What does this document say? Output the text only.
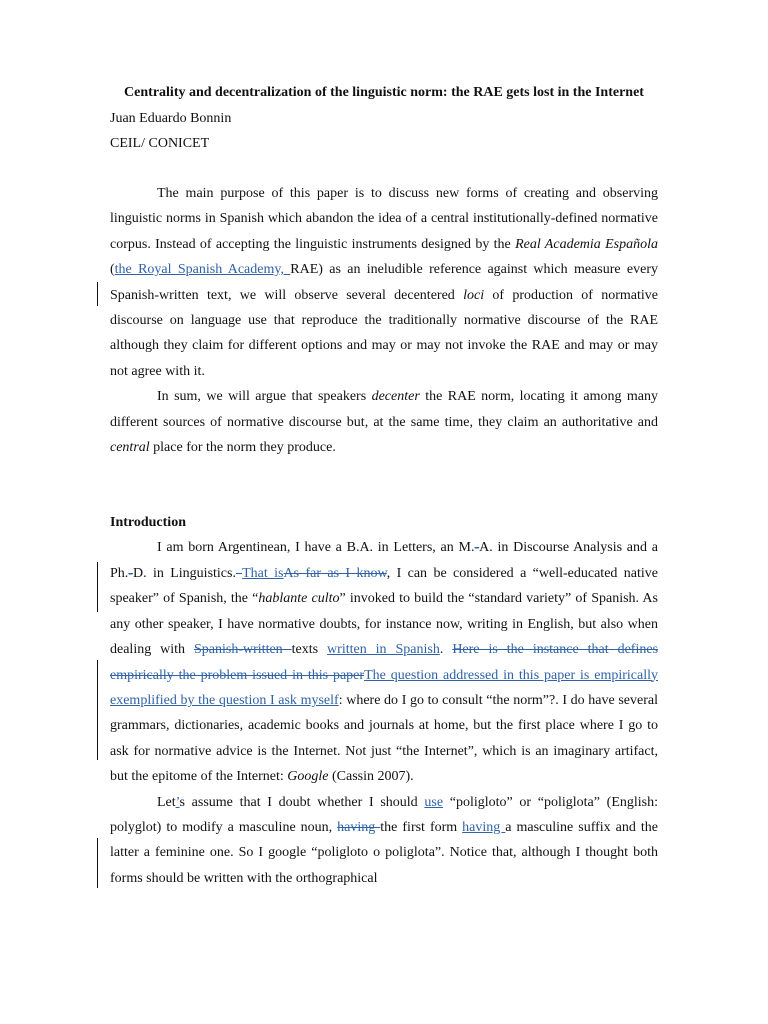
Centrality and decentralization of the linguistic norm: the RAE gets lost in the Internet

Juan Eduardo Bonnin

CEIL/ CONICET

The main purpose of this paper is to discuss new forms of creating and observing linguistic norms in Spanish which abandon the idea of a central institutionally-defined normative corpus. Instead of accepting the linguistic instruments designed by the Real Academia Española (the Royal Spanish Academy, RAE) as an ineludible reference against which measure every Spanish-written text, we will observe several decentered loci of production of normative discourse on language use that reproduce the traditionally normative discourse of the RAE although they claim for different options and may or may not invoke the RAE and may or may not agree with it.

In sum, we will argue that speakers decenter the RAE norm, locating it among many different sources of normative discourse but, at the same time, they claim an authoritative and central place for the norm they produce.

Introduction

I am born Argentinean, I have a B.A. in Letters, an M.-A. in Discourse Analysis and a Ph.-D. in Linguistics. That isAs far as I know, I can be considered a “well-educated native speaker” of Spanish, the “hablante culto” invoked to build the “standard variety” of Spanish. As any other speaker, I have normative doubts, for instance now, writing in English, but also when dealing with Spanish-written texts written in Spanish. Here is the instance that defines empirically the problem issued in this paperThe question addressed in this paper is empirically exemplified by the question I ask myself: where do I go to consult “the norm”?. I do have several grammars, dictionaries, academic books and journals at home, but the first place where I go to ask for normative advice is the Internet. Not just “the Internet”, which is an imaginary artifact, but the epitome of the Internet: Google (Cassin 2007).

Let’s assume that I doubt whether I should use “poligloto” or “poliglota” (English: polyglot) to modify a masculine noun, having the first form having a masculine suffix and the latter a feminine one. So I google “poligloto o poliglota”. Notice that, although I thought both forms should be written with the orthographical
